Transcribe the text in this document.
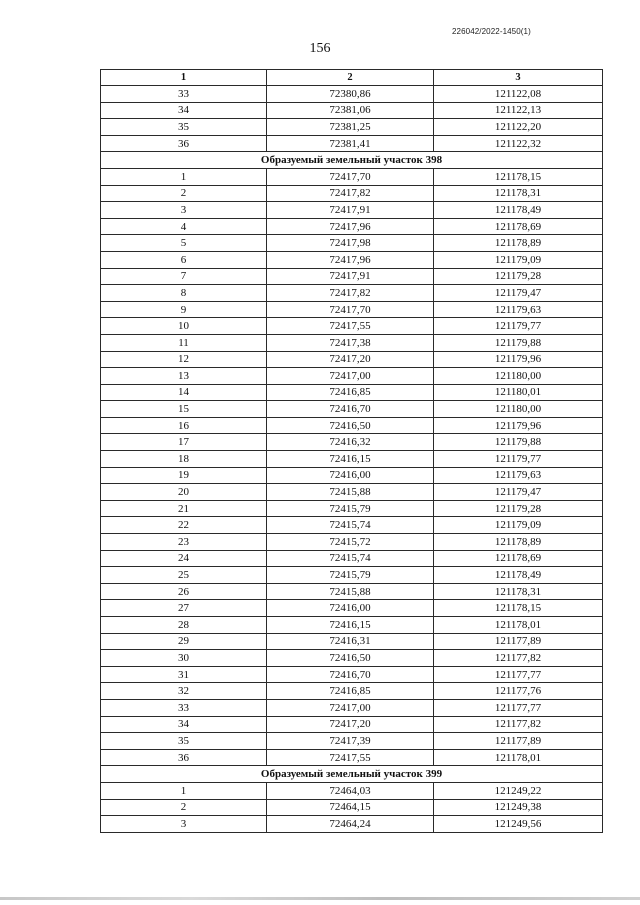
226042/2022-1450(1)
156
1	2	3
33	72380,86	121122,08
34	72381,06	121122,13
35	72381,25	121122,20
36	72381,41	121122,32
Образуемый земельный участок 398		
1	72417,70	121178,15
2	72417,82	121178,31
3	72417,91	121178,49
4	72417,96	121178,69
5	72417,98	121178,89
6	72417,96	121179,09
7	72417,91	121179,28
8	72417,82	121179,47
9	72417,70	121179,63
10	72417,55	121179,77
11	72417,38	121179,88
12	72417,20	121179,96
13	72417,00	121180,00
14	72416,85	121180,01
15	72416,70	121180,00
16	72416,50	121179,96
17	72416,32	121179,88
18	72416,15	121179,77
19	72416,00	121179,63
20	72415,88	121179,47
21	72415,79	121179,28
22	72415,74	121179,09
23	72415,72	121178,89
24	72415,74	121178,69
25	72415,79	121178,49
26	72415,88	121178,31
27	72416,00	121178,15
28	72416,15	121178,01
29	72416,31	121177,89
30	72416,50	121177,82
31	72416,70	121177,77
32	72416,85	121177,76
33	72417,00	121177,77
34	72417,20	121177,82
35	72417,39	121177,89
36	72417,55	121178,01
Образуемый земельный участок 399		
1	72464,03	121249,22
2	72464,15	121249,38
3	72464,24	121249,56
